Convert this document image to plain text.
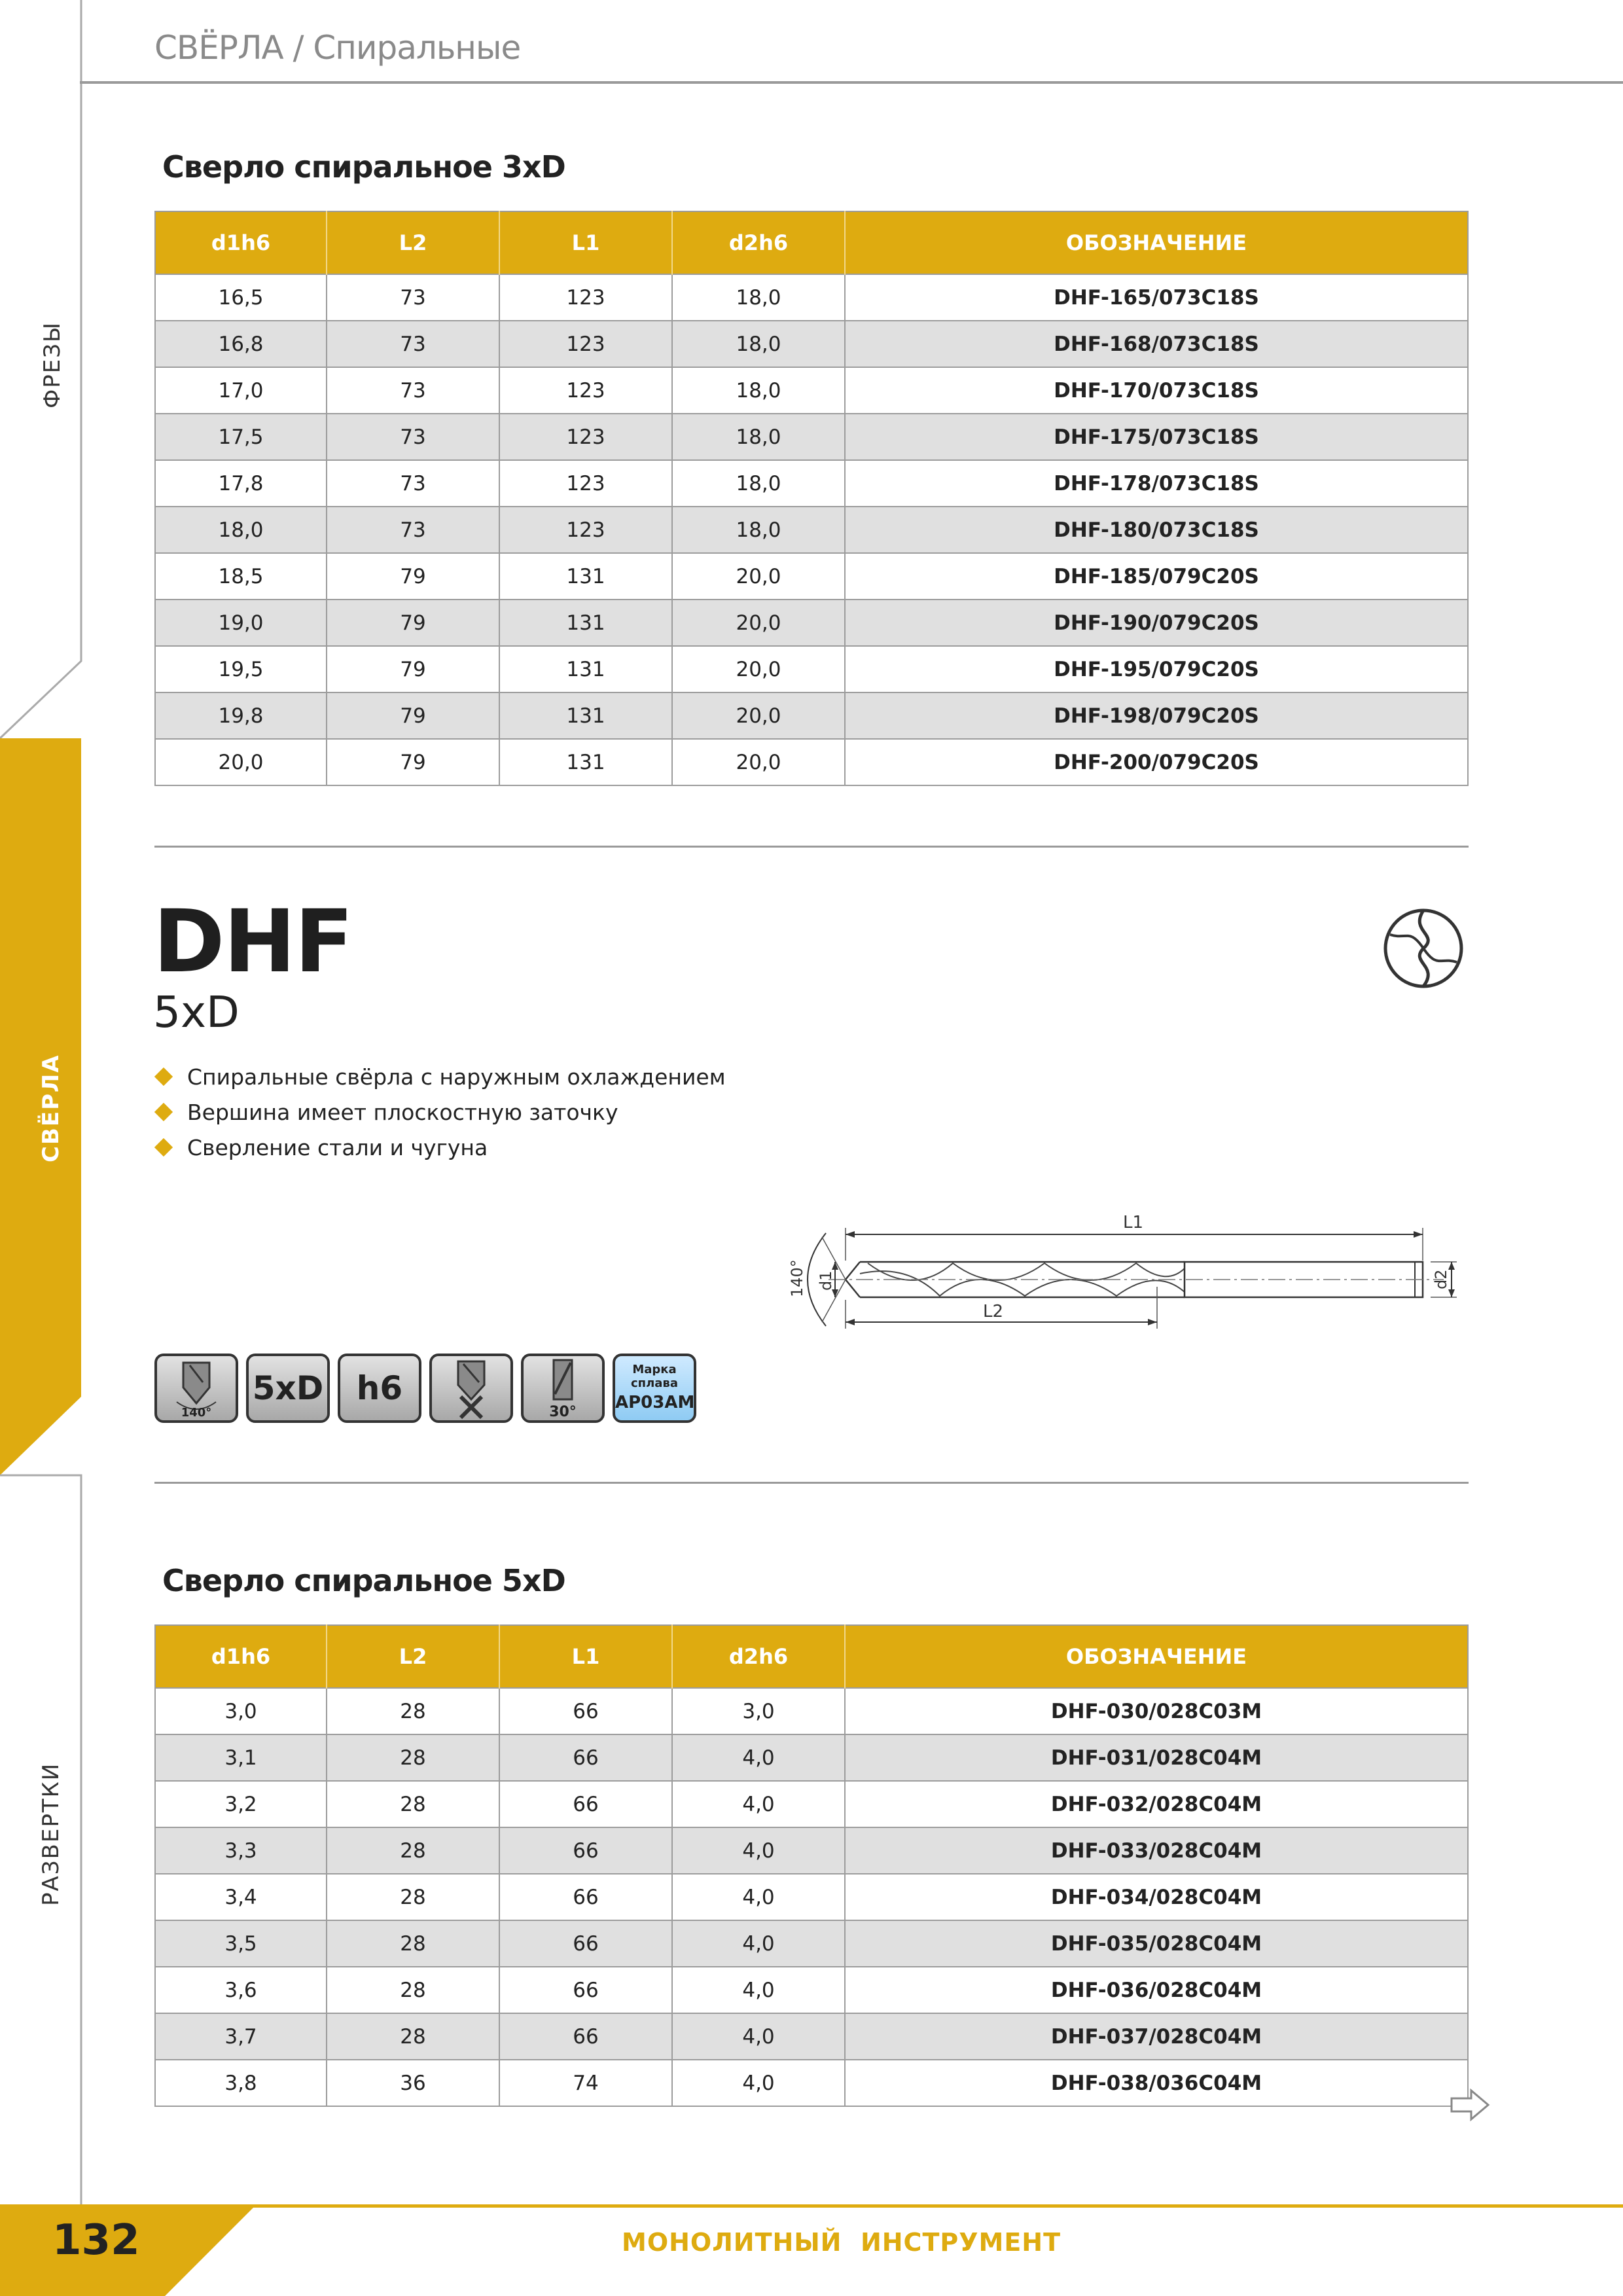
ФРЕЗЫ
СВЁРЛА
РАЗВЕРТКИ
СВЁРЛА / Спиральные
Сверло спиральное 3xD
d1h6	L2	L1	d2h6	ОБОЗНАЧЕНИЕ
16,5	73	123	18,0	DHF-165/073C18S
16,8	73	123	18,0	DHF-168/073C18S
17,0	73	123	18,0	DHF-170/073C18S
17,5	73	123	18,0	DHF-175/073C18S
17,8	73	123	18,0	DHF-178/073C18S
18,0	73	123	18,0	DHF-180/073C18S
18,5	79	131	20,0	DHF-185/079C20S
19,0	79	131	20,0	DHF-190/079C20S
19,5	79	131	20,0	DHF-195/079C20S
19,8	79	131	20,0	DHF-198/079C20S
20,0	79	131	20,0	DHF-200/079C20S
DHF
5xD
Спиральные свёрла с наружным охлаждением
Вершина имеет плоскостную заточку
Сверление стали и чугуна
L1
L2
d1
140°	d2
140°
5xD	h6
30°
Марка
сплава
AP03AM
Сверло спиральное 5xD
d1h6	L2	L1	d2h6	ОБОЗНАЧЕНИЕ
3,0	28	66	3,0	DHF-030/028C03M
3,1	28	66	4,0	DHF-031/028C04M
3,2	28	66	4,0	DHF-032/028C04M
3,3	28	66	4,0	DHF-033/028C04M
3,4	28	66	4,0	DHF-034/028C04M
3,5	28	66	4,0	DHF-035/028C04M
3,6	28	66	4,0	DHF-036/028C04M
3,7	28	66	4,0	DHF-037/028C04M
3,8	36	74	4,0	DHF-038/036C04M
132	МОНОЛИТНЫЙ  ИНСТРУМЕНТ
